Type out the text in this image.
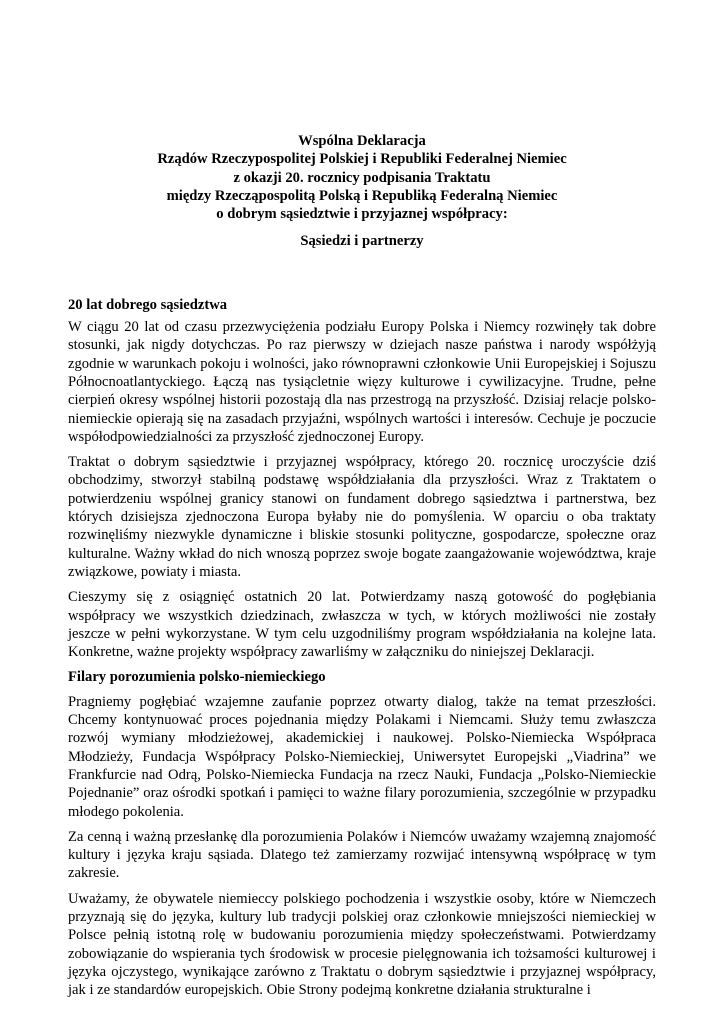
Wspólna Deklaracja
Rządów Rzeczypospolitej Polskiej i Republiki Federalnej Niemiec
z okazji 20. rocznicy podpisania Traktatu
między Rzecząpospolitą Polską i Republiką Federalną Niemiec
o dobrym sąsiedztwie i przyjaznej współpracy:
Sąsiedzi i partnerzy

20 lat dobrego sąsiedztwa

W ciągu 20 lat od czasu przezwyciężenia podziału Europy Polska i Niemcy rozwinęły tak dobre stosunki, jak nigdy dotychczas. Po raz pierwszy w dziejach nasze państwa i narody współżyją zgodnie w warunkach pokoju i wolności, jako równoprawni członkowie Unii Europejskiej i Sojuszu Północnoatlantyckiego. Łączą nas tysiącletnie więzy kulturowe i cywilizacyjne. Trudne, pełne cierpień okresy wspólnej historii pozostają dla nas przestrogą na przyszłość. Dzisiaj relacje polsko-niemieckie opierają się na zasadach przyjaźni, wspólnych wartości i interesów. Cechuje je poczucie współodpowiedzialności za przyszłość zjednoczonej Europy.

Traktat o dobrym sąsiedztwie i przyjaznej współpracy, którego 20. rocznicę uroczyście dziś obchodzimy, stworzył stabilną podstawę współdziałania dla przyszłości. Wraz z Traktatem o potwierdzeniu wspólnej granicy stanowi on fundament dobrego sąsiedztwa i partnerstwa, bez których dzisiejsza zjednoczona Europa byłaby nie do pomyślenia. W oparciu o oba traktaty rozwinęliśmy niezwykle dynamiczne i bliskie stosunki polityczne, gospodarcze, społeczne oraz kulturalne. Ważny wkład do nich wnoszą poprzez swoje bogate zaangażowanie województwa, kraje związkowe, powiaty i miasta.

Cieszymy się z osiągnięć ostatnich 20 lat. Potwierdzamy naszą gotowość do pogłębiania współpracy we wszystkich dziedzinach, zwłaszcza w tych, w których możliwości nie zostały jeszcze w pełni wykorzystane. W tym celu uzgodniliśmy program współdziałania na kolejne lata. Konkretne, ważne projekty współpracy zawarliśmy w załączniku do niniejszej Deklaracji.

Filary porozumienia polsko-niemieckiego

Pragniemy pogłębiać wzajemne zaufanie poprzez otwarty dialog, także na temat przeszłości. Chcemy kontynuować proces pojednania między Polakami i Niemcami. Służy temu zwłaszcza rozwój wymiany młodzieżowej, akademickiej i naukowej. Polsko-Niemiecka Współpraca Młodzieży, Fundacja Współpracy Polsko-Niemieckiej, Uniwersytet Europejski „Viadrina” we Frankfurcie nad Odrą, Polsko-Niemiecka Fundacja na rzecz Nauki, Fundacja „Polsko-Niemieckie Pojednanie” oraz ośrodki spotkań i pamięci to ważne filary porozumienia, szczególnie w przypadku młodego pokolenia.

Za cenną i ważną przesłankę dla porozumienia Polaków i Niemców uważamy wzajemną znajomość kultury i języka kraju sąsiada. Dlatego też zamierzamy rozwijać intensywną współpracę w tym zakresie.

Uważamy, że obywatele niemieccy polskiego pochodzenia i wszystkie osoby, które w Niemczech przyznają się do języka, kultury lub tradycji polskiej oraz członkowie mniejszości niemieckiej w Polsce pełnią istotną rolę w budowaniu porozumienia między społeczeństwami. Potwierdzamy zobowiązanie do wspierania tych środowisk w procesie pielęgnowania ich tożsamości kulturowej i języka ojczystego, wynikające zarówno z Traktatu o dobrym sąsiedztwie i przyjaznej współpracy, jak i ze standardów europejskich. Obie Strony podejmą konkretne działania strukturalne i
